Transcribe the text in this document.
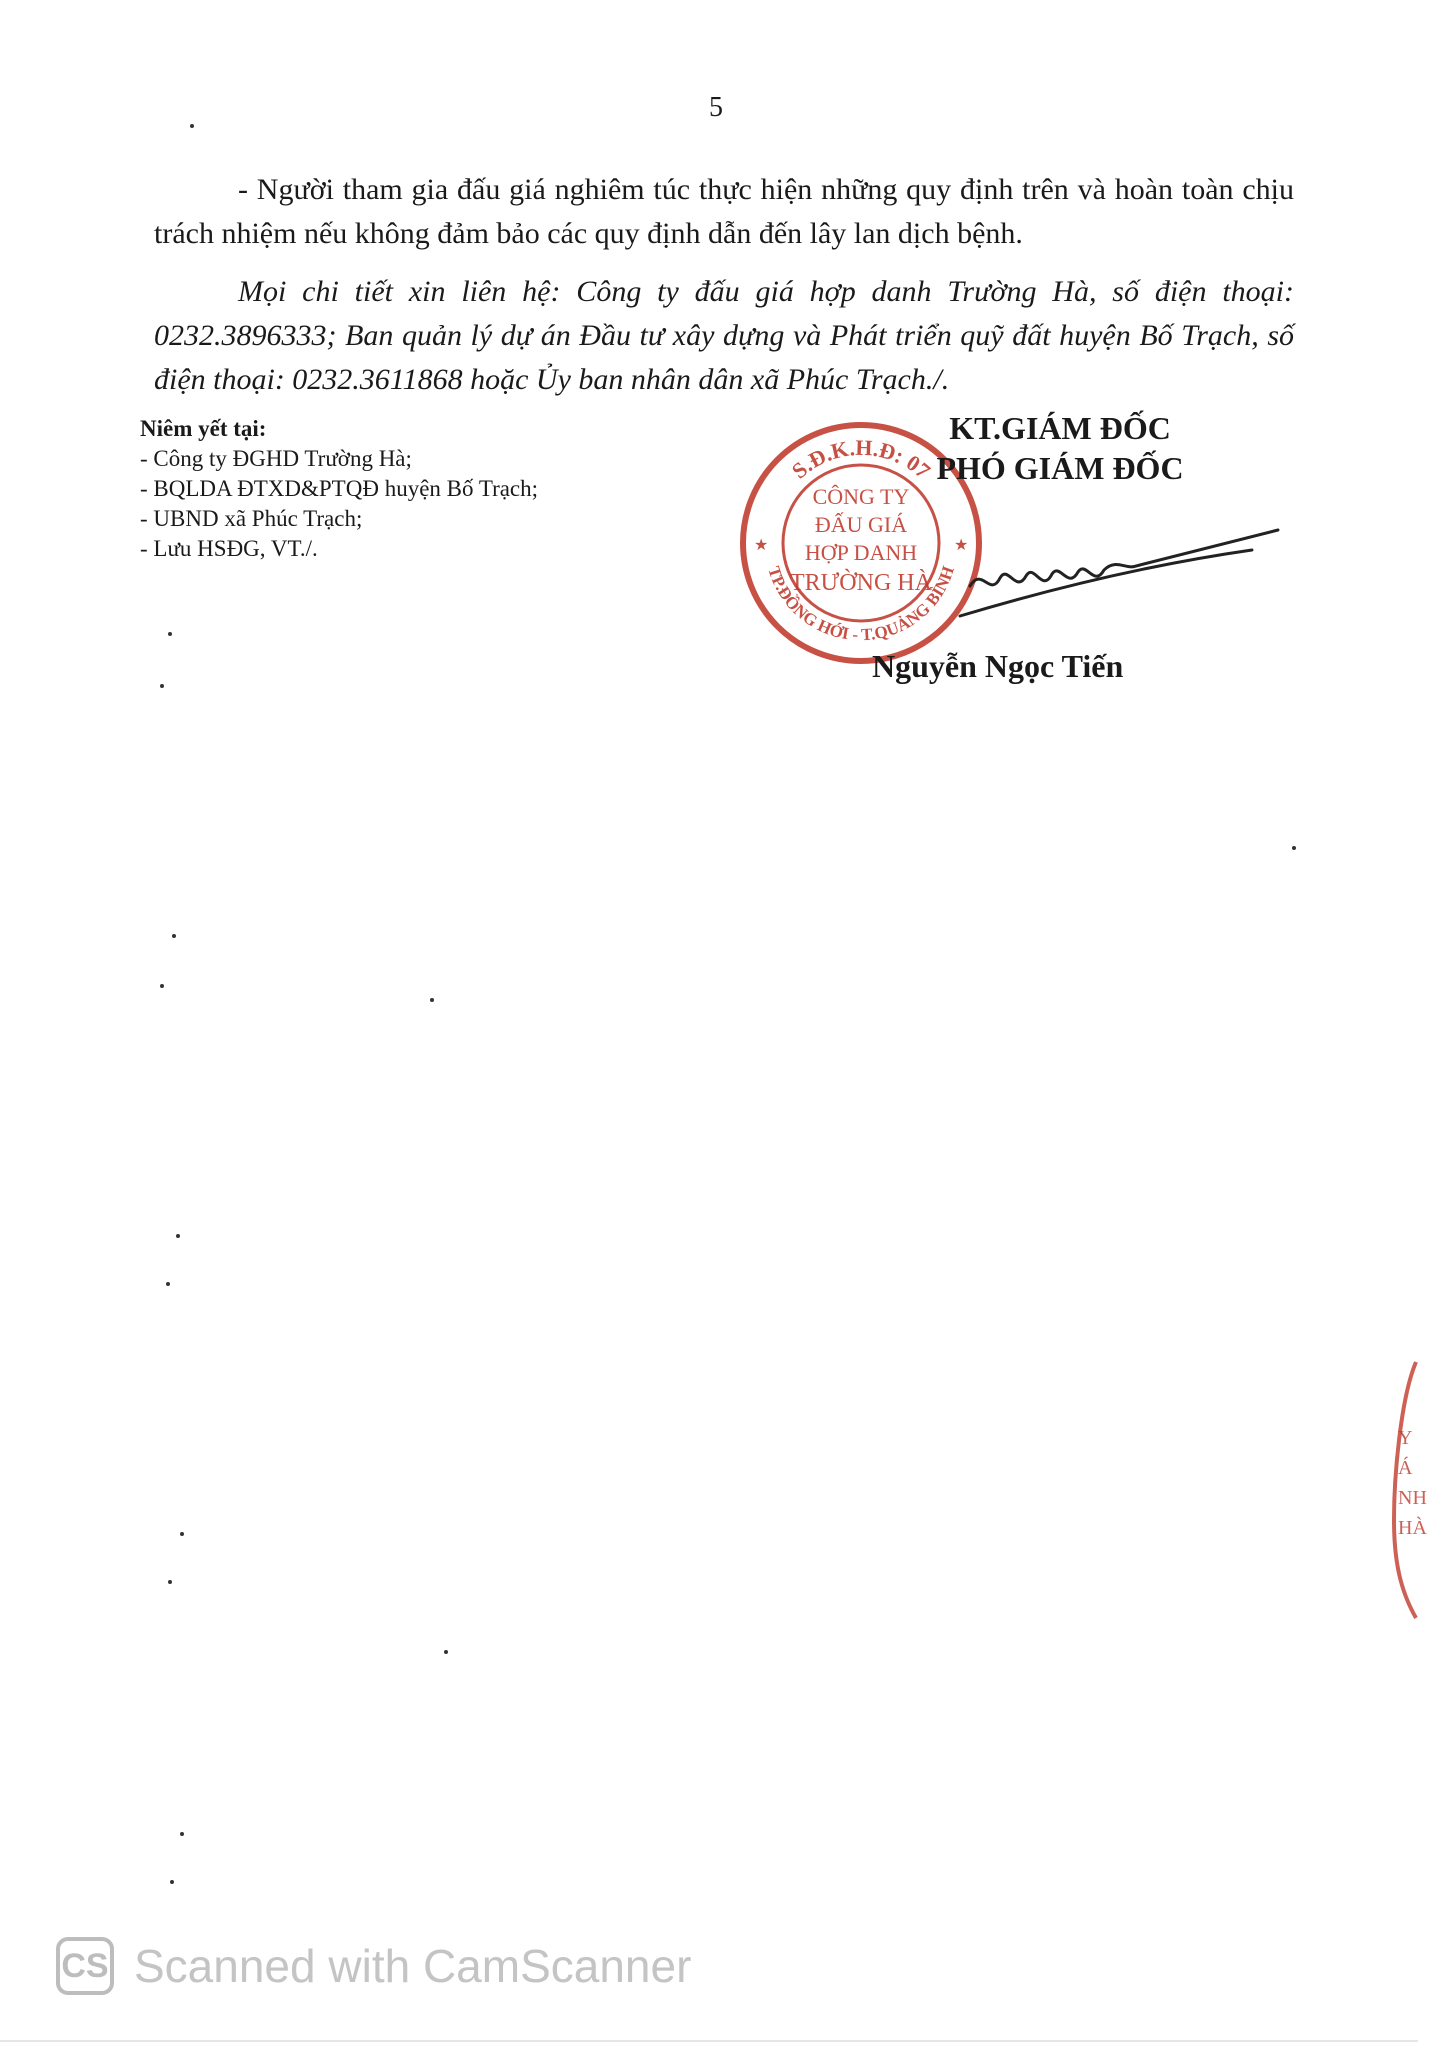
5
- Người tham gia đấu giá nghiêm túc thực hiện những quy định trên và hoàn toàn chịu trách nhiệm nếu không đảm bảo các quy định dẫn đến lây lan dịch bệnh.
Mọi chi tiết xin liên hệ: Công ty đấu giá hợp danh Trường Hà, số điện thoại: 0232.3896333; Ban quản lý dự án Đầu tư xây dựng và Phát triển quỹ đất huyện Bố Trạch, số điện thoại: 0232.3611868 hoặc Ủy ban nhân dân xã Phúc Trạch./.
Niêm yết tại:
- Công ty ĐGHD Trường Hà;
- BQLDA ĐTXD&PTQĐ huyện Bố Trạch;
- UBND xã Phúc Trạch;
- Lưu HSĐG, VT./.
S.Đ.K.H.Đ: 07
TP.ĐỒNG HỚI - T.QUẢNG BÌNH
★	★
CÔNG TY
ĐẤU GIÁ
HỢP DANH
TRƯỜNG HÀ
KT.GIÁM ĐỐC
PHÓ GIÁM ĐỐC
Nguyễn Ngọc Tiến
Y
Á
NH
HÀ
CS Scanned with CamScanner
